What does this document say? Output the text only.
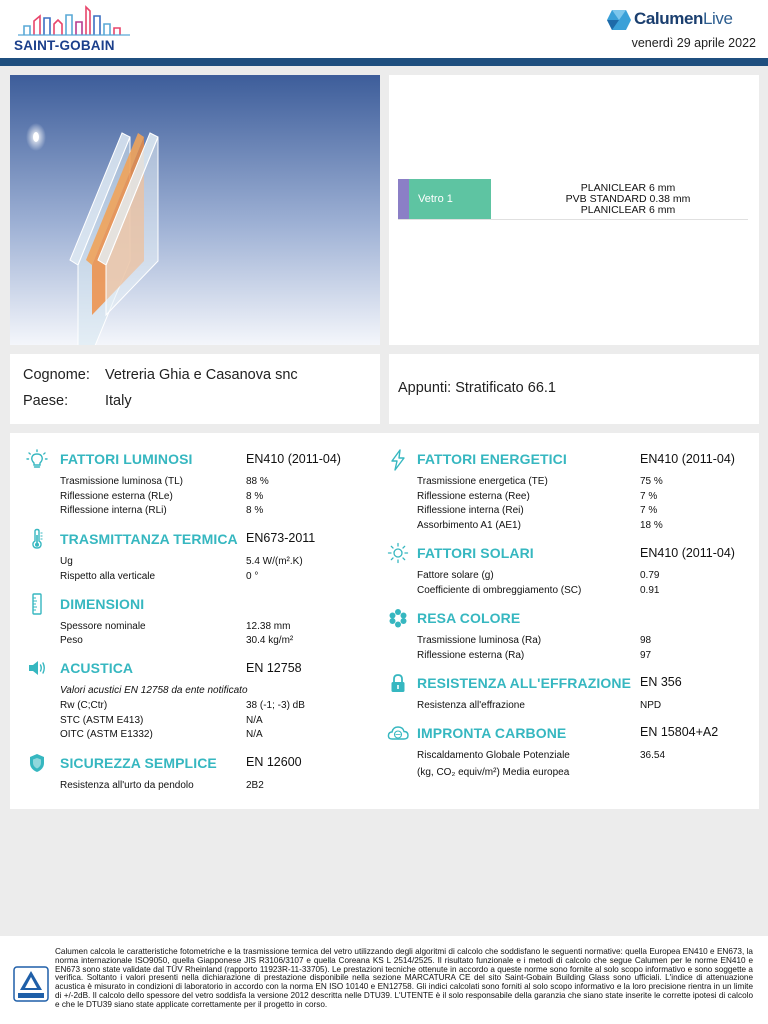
SAINT-GOBAIN
CalumenLive
venerdì 29 aprile 2022
Vetro 1
PLANICLEAR 6 mm
PVB STANDARD 0.38 mm
PLANICLEAR 6 mm
Cognome: Vetreria Ghia e Casanova snc
Paese:	Italy
Appunti: Stratificato 66.1
FATTORI LUMINOSI	EN410 (2011-04)
Trasmissione luminosa (TL)	88 %
Riflessione esterna (RLe)	8 %
Riflessione interna (RLi)	8 %
TRASMITTANZA TERMICA EN673-2011
Ug	5.4 W/(m².K)
Rispetto alla verticale	0 °
DIMENSIONI
Spessore nominale	12.38 mm
Peso	30.4 kg/m²
ACUSTICA	EN 12758
Valori acustici EN 12758 da ente notificato
Rw (C;Ctr)	38 (-1; -3) dB
STC (ASTM E413)	N/A
OITC (ASTM E1332)	N/A
SICUREZZA SEMPLICE EN 12600
Resistenza all'urto da pendolo	2B2
FATTORI ENERGETICI	EN410 (2011-04)
Trasmissione energetica (TE)	75 %
Riflessione esterna (Ree)	7 %
Riflessione interna (Rei)	7 %
Assorbimento A1 (AE1)	18 %
FATTORI SOLARI	EN410 (2011-04)
Fattore solare (g)	0.79
Coefficiente di ombreggiamento (SC)	0.91
RESA COLORE
Trasmissione luminosa (Ra)	98
Riflessione esterna (Ra)	97
RESISTENZA ALL'EFFRAZIONE EN 356
Resistenza all'effrazione	NPD
IMPRONTA CARBONE	EN 15804+A2
Riscaldamento Globale Potenziale	36.54
(kg, CO₂ equiv/m²) Media europea
Calumen calcola le caratteristiche fotometriche e la trasmissione termica del vetro utilizzando degli algoritmi di calcolo che soddisfano le seguenti normative: quella Europea EN410 e EN673, la norma internazionale ISO9050, quella Giapponese JIS R3106/3107 e quella Coreana KS L 2514/2525. Il risultato funzionale e i metodi di calcolo che segue Calumen per le norme EN410 e EN673 sono state validate dal TÜV Rheinland (rapporto 11923R-11-33705). Le prestazioni tecniche ottenute in accordo a queste norme sono fornite al solo scopo informativo e sono soggette a verifica. Soltanto i valori presenti nella dichiarazione di prestazione disponibile nella sezione MARCATURA CE del sito Saint-Gobain Building Glass sono ufficiali. L'indice di attenuazione acustica è misurato in condizioni di laboratorio in accordo con la norma EN ISO 10140 e EN12758. Gli indici calcolati sono forniti al solo scopo informativo e la loro precisione rientra in un limite di +/-2dB. Il calcolo dello spessore del vetro soddisfa la versione 2012 descritta nelle DTU39. L'UTENTE è il solo responsabile della garanzia che siano state inserite le corrette ipotesi di calcolo e che le DTU39 siano state applicate correttamente per il progetto in corso.
